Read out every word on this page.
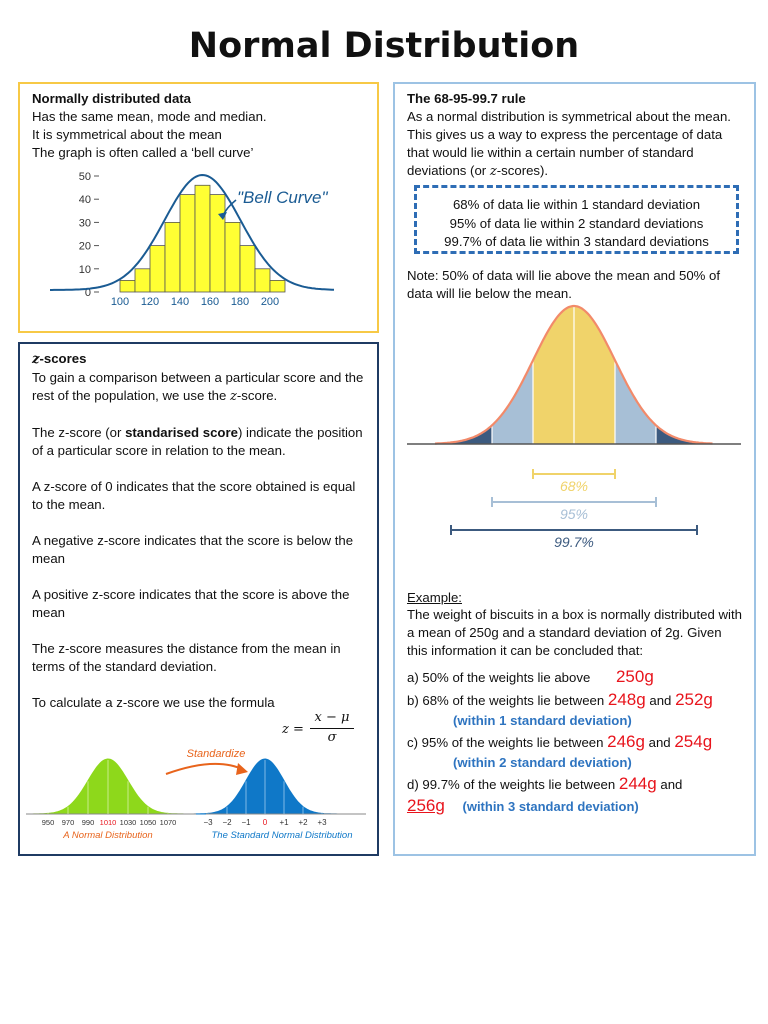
Normal Distribution

Normally distributed data

Has the same mean, mode and median.

It is symmetrical about the mean

The graph is often called a ‘bell curve’

0
10
20
30
40
50
100 120 140 160 180 200
"Bell Curve"

z-scores

To gain a comparison between a particular score and the rest of the population, we use the z-score.

The z-score (or standarised score) indicate the position of a particular score in relation to the mean.

A z-score of 0 indicates that the score obtained is equal to the mean.

A negative z-score indicates that the score is below the mean

A positive z-score indicates that the score is above the mean

The z-score measures the distance from the mean in terms of the standard deviation.

To calculate a z-score we use the formula

z =
x − μ
σ
950 970 990 1010 1030 1050 1070	−3 −2 −1 0 +1 +2 +3
A Normal Distribution	The Standard Normal Distribution
Standardize

The 68-95-99.7 rule

As a normal distribution is symmetrical about the mean. This gives us a way to express the percentage of data that would lie within a certain number of standard deviations (or z-scores).

68% of data lie within 1 standard deviation

95% of data lie within 2 standard deviations

99.7% of data lie within 3 standard deviations

Note: 50% of data will lie above the mean and 50% of data will lie below the mean.

68%
95%
99.7%

Example:

The weight of biscuits in a box is normally distributed with a mean of 250g and a standard deviation of 2g. Given this information it can be concluded that:

a) 50% of the weights lie above 250g
b) 68% of the weights lie between 248g and 252g
(within 1 standard deviation)
c) 95% of the weights lie between 246g and 254g
(within 2 standard deviation)
d) 99.7% of the weights lie between 244g and
256g (within 3 standard deviation)
